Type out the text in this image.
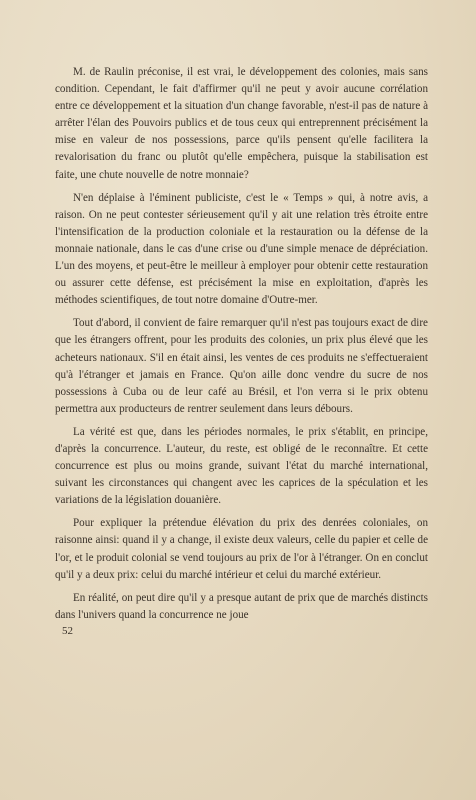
M. de Raulin préconise, il est vrai, le développement des colonies, mais sans condition. Cependant, le fait d'affirmer qu'il ne peut y avoir aucune corrélation entre ce développement et la situation d'un change favorable, n'est-il pas de nature à arrêter l'élan des Pouvoirs publics et de tous ceux qui entreprennent précisément la mise en valeur de nos possessions, parce qu'ils pensent qu'elle facilitera la revalorisation du franc ou plutôt qu'elle empêchera, puisque la stabilisation est faite, une chute nouvelle de notre monnaie?

N'en déplaise à l'éminent publiciste, c'est le « Temps » qui, à notre avis, a raison. On ne peut contester sérieusement qu'il y ait une relation très étroite entre l'intensification de la production coloniale et la restauration ou la défense de la monnaie nationale, dans le cas d'une crise ou d'une simple menace de dépréciation. L'un des moyens, et peut-être le meilleur à employer pour obtenir cette restauration ou assurer cette défense, est précisément la mise en exploitation, d'après les méthodes scientifiques, de tout notre domaine d'Outre-mer.

Tout d'abord, il convient de faire remarquer qu'il n'est pas toujours exact de dire que les étrangers offrent, pour les produits des colonies, un prix plus élevé que les acheteurs nationaux. S'il en était ainsi, les ventes de ces produits ne s'effectueraient qu'à l'étranger et jamais en France. Qu'on aille donc vendre du sucre de nos possessions à Cuba ou de leur café au Brésil, et l'on verra si le prix obtenu permettra aux producteurs de rentrer seulement dans leurs débours.

La vérité est que, dans les périodes normales, le prix s'établit, en principe, d'après la concurrence. L'auteur, du reste, est obligé de le reconnaître. Et cette concurrence est plus ou moins grande, suivant l'état du marché international, suivant les circonstances qui changent avec les caprices de la spéculation et les variations de la législation douanière.

Pour expliquer la prétendue élévation du prix des denrées coloniales, on raisonne ainsi: quand il y a change, il existe deux valeurs, celle du papier et celle de l'or, et le produit colonial se vend toujours au prix de l'or à l'étranger. On en conclut qu'il y a deux prix: celui du marché intérieur et celui du marché extérieur.

En réalité, on peut dire qu'il y a presque autant de prix que de marchés distincts dans l'univers quand la concurrence ne joue

52
